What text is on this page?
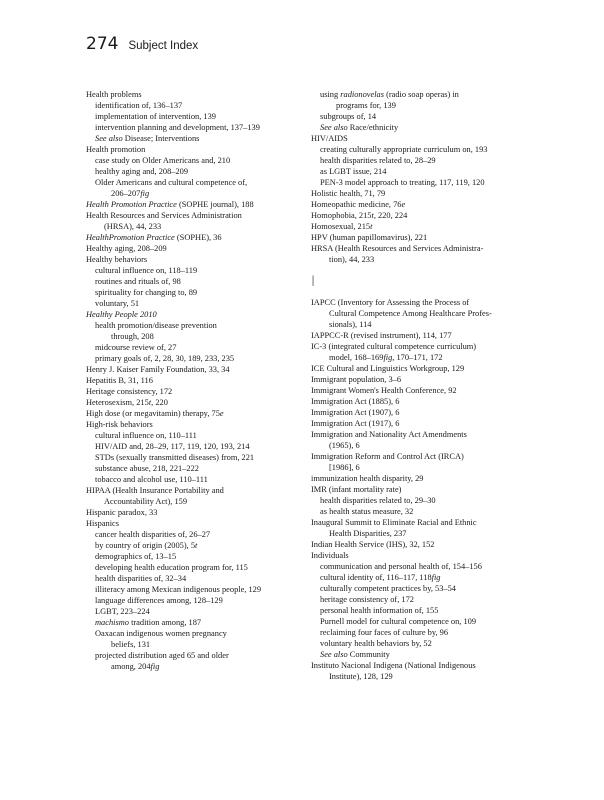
274 Subject Index
Health problems
identification of, 136–137
implementation of intervention, 139
intervention planning and development, 137–139
See also Disease; Interventions
Health promotion
case study on Older Americans and, 210
healthy aging and, 208–209
Older Americans and cultural competence of,
206–207fig
Health Promotion Practice (SOPHE journal), 188
Health Resources and Services Administration
(HRSA), 44, 233
HealthPromotion Practice (SOPHE), 36
Healthy aging, 208–209
Healthy behaviors
cultural influence on, 118–119
routines and rituals of, 98
spirituality for changing to, 89
voluntary, 51
Healthy People 2010
health promotion/disease prevention
through, 208
midcourse review of, 27
primary goals of, 2, 28, 30, 189, 233, 235
Henry J. Kaiser Family Foundation, 33, 34
Hepatitis B, 31, 116
Heritage consistency, 172
Heterosexism, 215t, 220
High dose (or megavitamin) therapy, 75e
High-risk behaviors
cultural influence on, 110–111
HIV/AID and, 28–29, 117, 119, 120, 193, 214
STDs (sexually transmitted diseases) from, 221
substance abuse, 218, 221–222
tobacco and alcohol use, 110–111
HIPAA (Health Insurance Portability and
Accountability Act), 159
Hispanic paradox, 33
Hispanics
cancer health disparities of, 26–27
by country of origin (2005), 5t
demographics of, 13–15
developing health education program for, 115
health disparities of, 32–34
illiteracy among Mexican indigenous people, 129
language differences among, 128–129
LGBT, 223–224
machismo tradition among, 187
Oaxacan indigenous women pregnancy
beliefs, 131
projected distribution aged 65 and older
among, 204fig
using radionovelas (radio soap operas) in
programs for, 139
subgroups of, 14
See also Race/ethnicity
HIV/AIDS
creating culturally appropriate curriculum on, 193
health disparities related to, 28–29
as LGBT issue, 214
PEN-3 model approach to treating, 117, 119, 120
Holistic health, 71, 79
Homeopathic medicine, 76e
Homophobia, 215t, 220, 224
Homosexual, 215t
HPV (human papillomavirus), 221
HRSA (Health Resources and Services Administra-
tion), 44, 233
I
IAPCC (Inventory for Assessing the Process of
Cultural Competence Among Healthcare Profes-
sionals), 114
IAPPCC-R (revised instrument), 114, 177
IC-3 (integrated cultural competence curriculum)
model, 168–169fig, 170–171, 172
ICE Cultural and Linguistics Workgroup, 129
Immigrant population, 3–6
Immigrant Women's Health Conference, 92
Immigration Act (1885), 6
Immigration Act (1907), 6
Immigration Act (1917), 6
Immigration and Nationality Act Amendments
(1965), 6
Immigration Reform and Control Act (IRCA)
[1986], 6
immunization health disparity, 29
IMR (infant mortality rate)
health disparities related to, 29–30
as health status measure, 32
Inaugural Summit to Eliminate Racial and Ethnic
Health Disparities, 237
Indian Health Service (IHS), 32, 152
Individuals
communication and personal health of, 154–156
cultural identity of, 116–117, 118fig
culturally competent practices by, 53–54
heritage consistency of, 172
personal health information of, 155
Purnell model for cultural competence on, 109
reclaiming four faces of culture by, 96
voluntary health behaviors by, 52
See also Community
Instituto Nacional Indigena (National Indigenous
Institute), 128, 129
